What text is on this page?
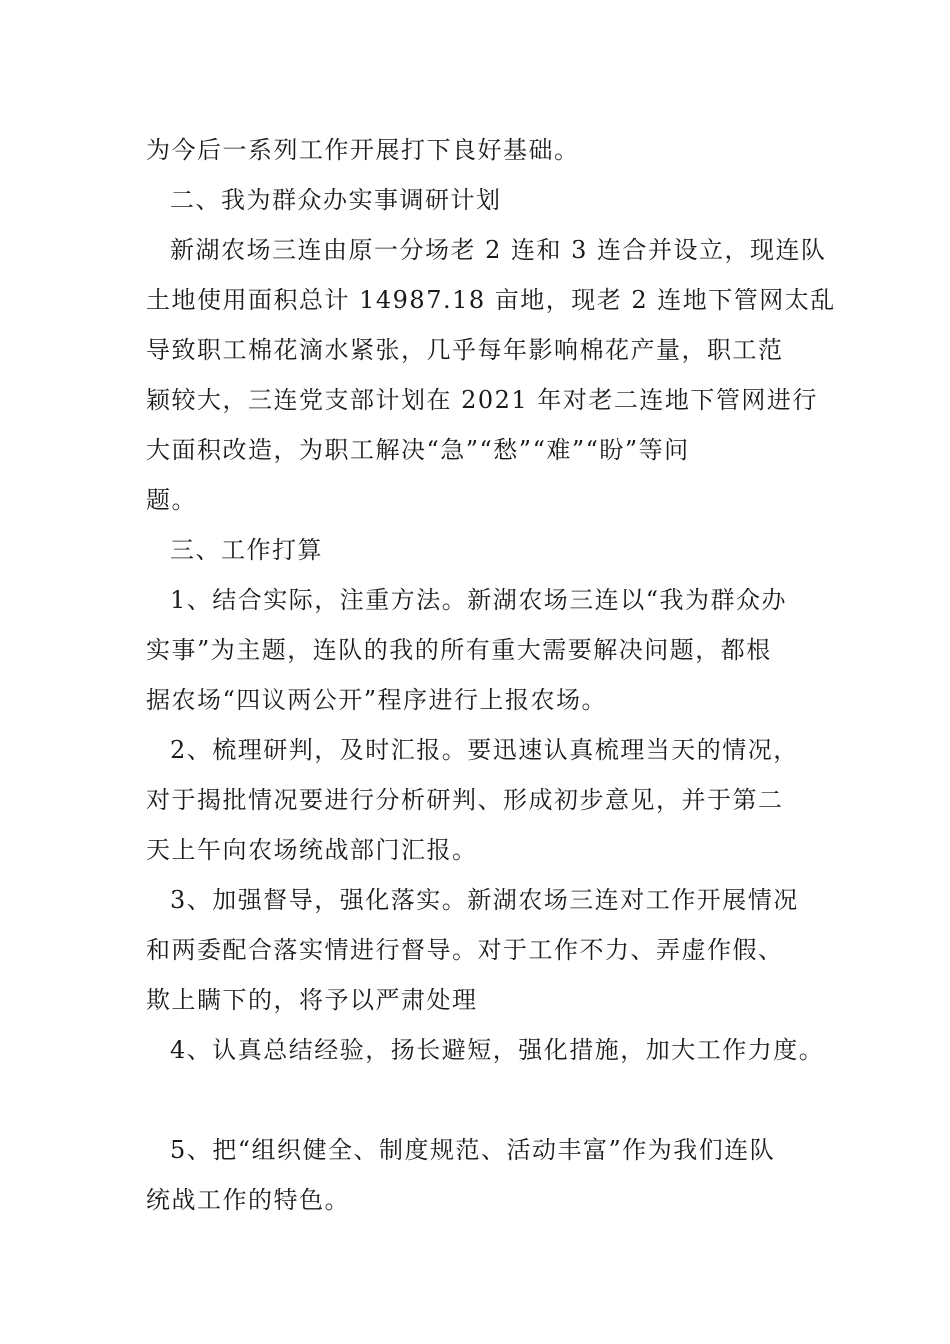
为今后一系列工作开展打下良好基础。
二、我为群众办实事调研计划
新湖农场三连由原一分场老 2 连和 3 连合并设立，现连队
土地使用面积总计 14987.18 亩地，现老 2 连地下管网太乱
导致职工棉花滴水紧张，几乎每年影响棉花产量，职工范
颖较大，三连党支部计划在 2021 年对老二连地下管网进行
大面积改造，为职工解决“急”“愁”“难”“盼”等问
题。
三、工作打算
1、结合实际，注重方法。新湖农场三连以“我为群众办
实事”为主题，连队的我的所有重大需要解决问题，都根
据农场“四议两公开”程序进行上报农场。
2、梳理研判，及时汇报。要迅速认真梳理当天的情况，
对于揭批情况要进行分析研判、形成初步意见，并于第二
天上午向农场统战部门汇报。
3、加强督导，强化落实。新湖农场三连对工作开展情况
和两委配合落实情进行督导。对于工作不力、弄虚作假、
欺上瞒下的，将予以严肃处理
4、认真总结经验，扬长避短，强化措施，加大工作力度。
5、把“组织健全、制度规范、活动丰富”作为我们连队
统战工作的特色。
